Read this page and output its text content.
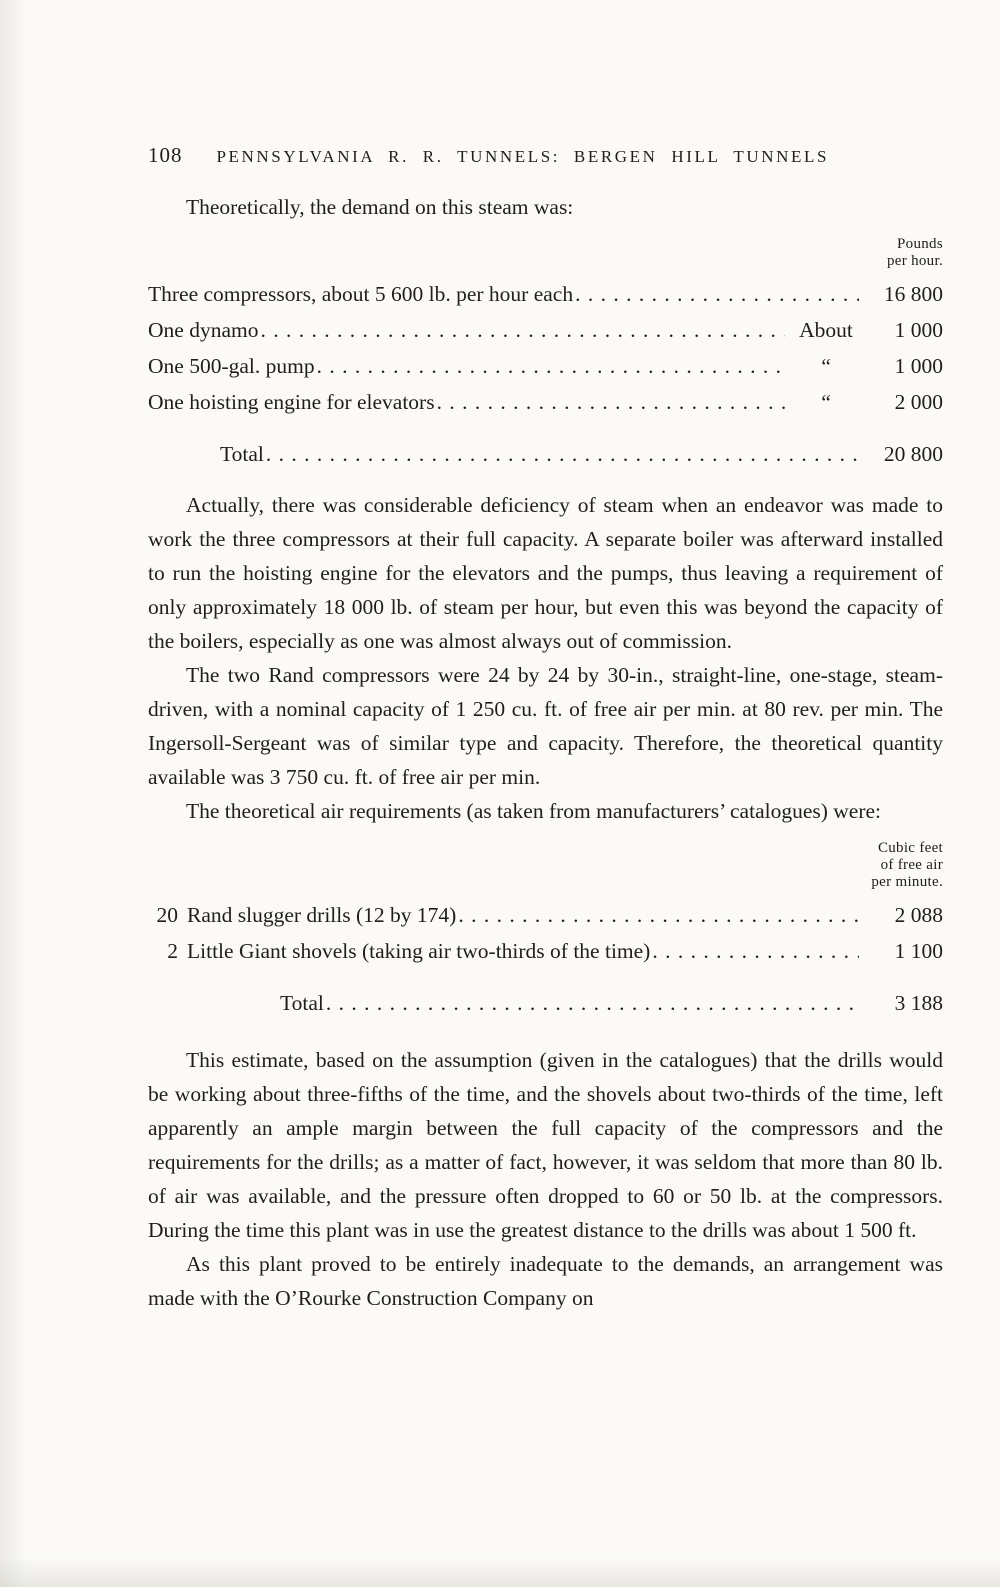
108 PENNSYLVANIA R. R. TUNNELS: BERGEN HILL TUNNELS

Theoretically, the demand on this steam was:

Pounds
per hour.
Three compressors, about 5 600 lb. per hour each . . .	16 800
One dynamo . . .	About	1 000
One 500-gal. pump . . .	“	1 000
One hoisting engine for elevators . . .	“	2 000
Total . . .	20 800

Actually, there was considerable deficiency of steam when an endeavor was made to work the three compressors at their full capacity. A separate boiler was afterward installed to run the hoisting engine for the elevators and the pumps, thus leaving a requirement of only approximately 18 000 lb. of steam per hour, but even this was beyond the capacity of the boilers, especially as one was almost always out of commission.

The two Rand compressors were 24 by 24 by 30-in., straight-line, one-stage, steam-driven, with a nominal capacity of 1 250 cu. ft. of free air per min. at 80 rev. per min. The Ingersoll-Sergeant was of similar type and capacity. Therefore, the theoretical quantity available was 3 750 cu. ft. of free air per min.

The theoretical air requirements (as taken from manufacturers’ catalogues) were:

Cubic feet
of free air
per minute.
20 Rand slugger drills (12 by 174) . . .	2 088
2 Little Giant shovels (taking air two-thirds of the time) . . .	1 100
Total . . .	3 188

This estimate, based on the assumption (given in the catalogues) that the drills would be working about three-fifths of the time, and the shovels about two-thirds of the time, left apparently an ample margin between the full capacity of the compressors and the requirements for the drills; as a matter of fact, however, it was seldom that more than 80 lb. of air was available, and the pressure often dropped to 60 or 50 lb. at the compressors. During the time this plant was in use the greatest distance to the drills was about 1 500 ft.

As this plant proved to be entirely inadequate to the demands, an arrangement was made with the O’Rourke Construction Company on
